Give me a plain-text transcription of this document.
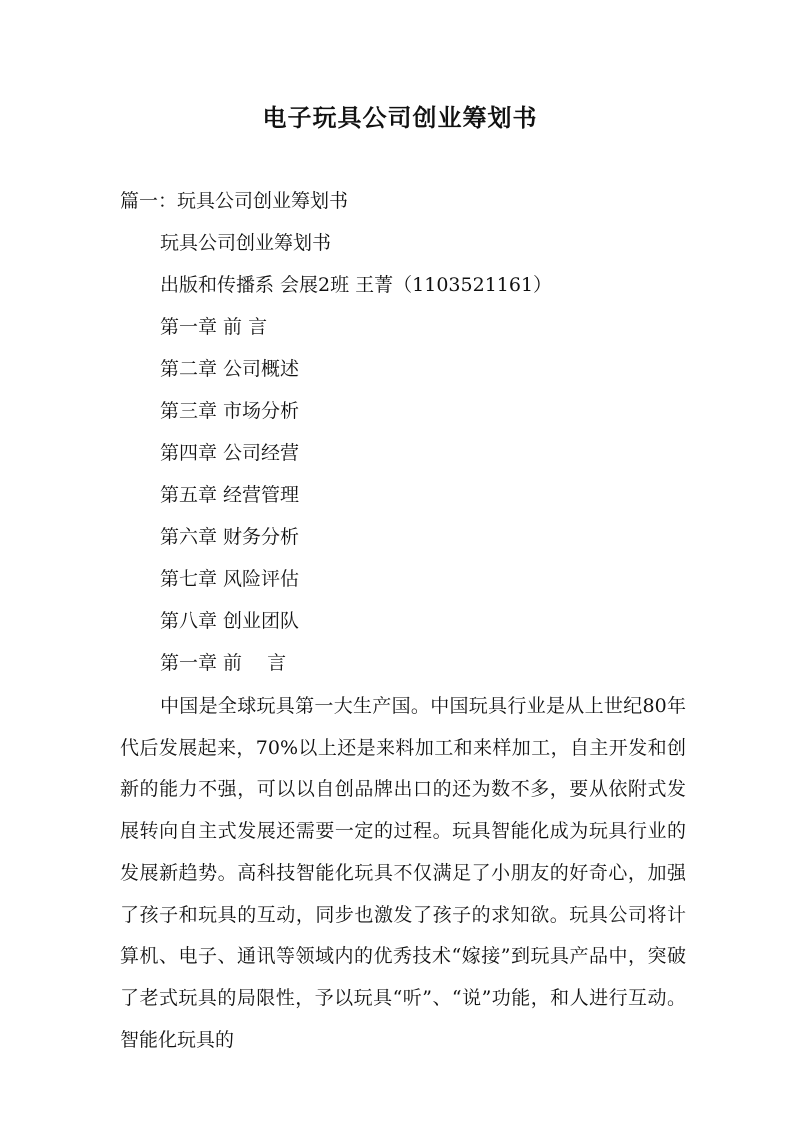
电子玩具公司创业筹划书
篇一：玩具公司创业筹划书
玩具公司创业筹划书
出版和传播系 会展2班 王菁（1103521161）
第一章 前 言
第二章 公司概述
第三章 市场分析
第四章 公司经营
第五章 经营管理
第六章 财务分析
第七章 风险评估
第八章 创业团队
第一章 前　 言

中国是全球玩具第一大生产国。中国玩具行业是从上世纪80年代后发展起来，70%以上还是来料加工和来样加工，自主开发和创新的能力不强，可以以自创品牌出口的还为数不多，要从依附式发展转向自主式发展还需要一定的过程。玩具智能化成为玩具行业的发展新趋势。高科技智能化玩具不仅满足了小朋友的好奇心，加强了孩子和玩具的互动，同步也激发了孩子的求知欲。玩具公司将计算机、电子、通讯等领域内的优秀技术“嫁接”到玩具产品中，突破了老式玩具的局限性，予以玩具“听”、“说”功能，和人进行互动。智能化玩具的
